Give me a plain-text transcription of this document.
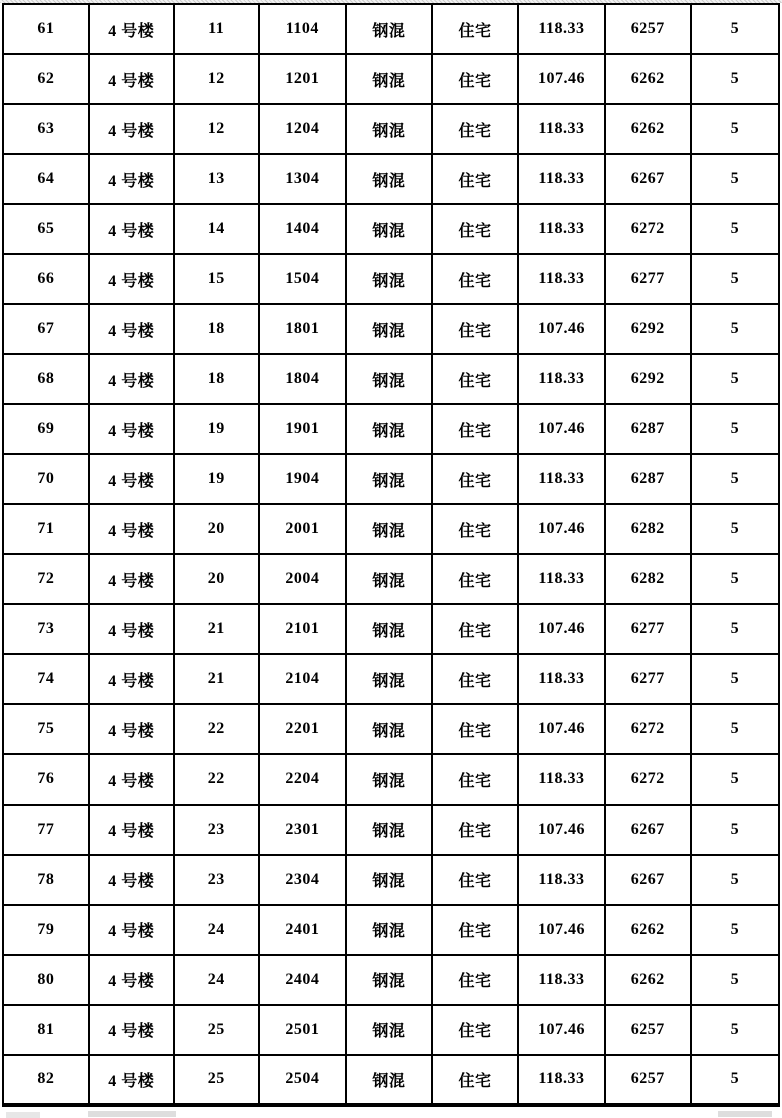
61	4 号楼	11	1104	钢混	住宅	118.33	6257	5
62	4 号楼	12	1201	钢混	住宅	107.46	6262	5
63	4 号楼	12	1204	钢混	住宅	118.33	6262	5
64	4 号楼	13	1304	钢混	住宅	118.33	6267	5
65	4 号楼	14	1404	钢混	住宅	118.33	6272	5
66	4 号楼	15	1504	钢混	住宅	118.33	6277	5
67	4 号楼	18	1801	钢混	住宅	107.46	6292	5
68	4 号楼	18	1804	钢混	住宅	118.33	6292	5
69	4 号楼	19	1901	钢混	住宅	107.46	6287	5
70	4 号楼	19	1904	钢混	住宅	118.33	6287	5
71	4 号楼	20	2001	钢混	住宅	107.46	6282	5
72	4 号楼	20	2004	钢混	住宅	118.33	6282	5
73	4 号楼	21	2101	钢混	住宅	107.46	6277	5
74	4 号楼	21	2104	钢混	住宅	118.33	6277	5
75	4 号楼	22	2201	钢混	住宅	107.46	6272	5
76	4 号楼	22	2204	钢混	住宅	118.33	6272	5
77	4 号楼	23	2301	钢混	住宅	107.46	6267	5
78	4 号楼	23	2304	钢混	住宅	118.33	6267	5
79	4 号楼	24	2401	钢混	住宅	107.46	6262	5
80	4 号楼	24	2404	钢混	住宅	118.33	6262	5
81	4 号楼	25	2501	钢混	住宅	107.46	6257	5
82	4 号楼	25	2504	钢混	住宅	118.33	6257	5
